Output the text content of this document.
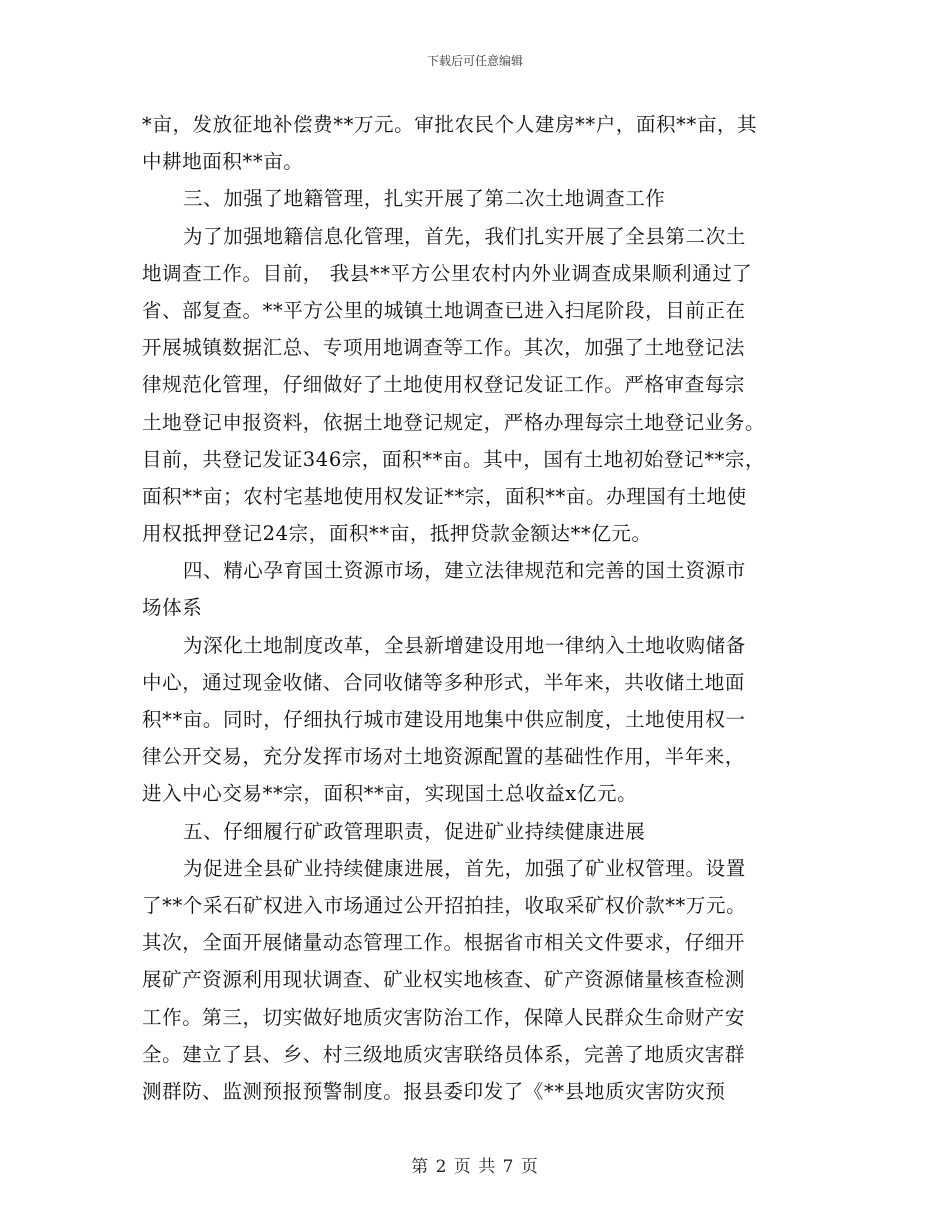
下载后可任意编辑
*亩，发放征地补偿费**万元。审批农民个人建房**户，面积**亩，其
中耕地面积**亩。
三、加强了地籍管理，扎实开展了第二次土地调查工作
为了加强地籍信息化管理，首先，我们扎实开展了全县第二次土
地调查工作。目前， 我县**平方公里农村内外业调查成果顺利通过了
省、部复查。**平方公里的城镇土地调查已进入扫尾阶段，目前正在
开展城镇数据汇总、专项用地调查等工作。其次，加强了土地登记法
律规范化管理，仔细做好了土地使用权登记发证工作。严格审查每宗
土地登记申报资料，依据土地登记规定，严格办理每宗土地登记业务。
目前，共登记发证346宗，面积**亩。其中，国有土地初始登记**宗，
面积**亩；农村宅基地使用权发证**宗，面积**亩。办理国有土地使
用权抵押登记24宗，面积**亩，抵押贷款金额达**亿元。
四、精心孕育国土资源市场，建立法律规范和完善的国土资源市
场体系
为深化土地制度改革，全县新增建设用地一律纳入土地收购储备
中心，通过现金收储、合同收储等多种形式，半年来，共收储土地面
积**亩。同时，仔细执行城市建设用地集中供应制度，土地使用权一
律公开交易，充分发挥市场对土地资源配置的基础性作用，半年来，
进入中心交易**宗，面积**亩，实现国土总收益x亿元。
五、仔细履行矿政管理职责，促进矿业持续健康进展
为促进全县矿业持续健康进展，首先，加强了矿业权管理。设置
了**个采石矿权进入市场通过公开招拍挂，收取采矿权价款**万元。
其次，全面开展储量动态管理工作。根据省市相关文件要求，仔细开
展矿产资源利用现状调查、矿业权实地核查、矿产资源储量核查检测
工作。第三，切实做好地质灾害防治工作，保障人民群众生命财产安
全。建立了县、乡、村三级地质灾害联络员体系，完善了地质灾害群
测群防、监测预报预警制度。报县委印发了《**县地质灾害防灾预
第 2 页 共 7 页
